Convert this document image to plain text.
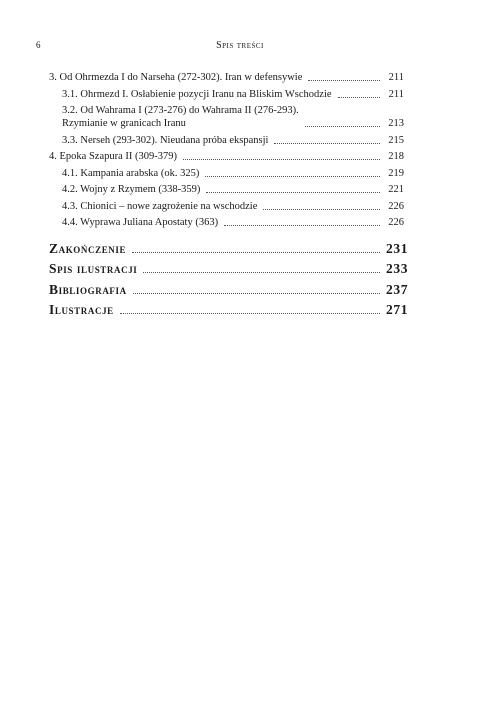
6	Spis treści
3. Od Ohrmezda I do Narseha (272-302). Iran w defensywie	211
3.1. Ohrmezd I. Osłabienie pozycji Iranu na Bliskim Wschodzie	211
3.2. Od Wahrama I (273-276) do Wahrama II (276-293).
Rzymianie w granicach Iranu	213
3.3. Nerseh (293-302). Nieudana próba ekspansji	215
4. Epoka Szapura II (309-379)	218
4.1. Kampania arabska (ok. 325)	219
4.2. Wojny z Rzymem (338-359)	221
4.3. Chionici – nowe zagrożenie na wschodzie	226
4.4. Wyprawa Juliana Apostaty (363)	226
Zakończenie	231
Spis ilustracji	233
Bibliografia	237
Ilustracje	271
